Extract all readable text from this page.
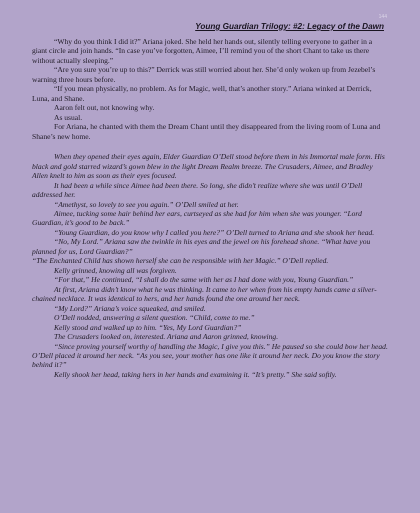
144
Young Guardian Trilogy: #2: Legacy of the Dawn

“Why do you think I did it?” Ariana joked. She held her hands out, silently telling everyone to gather in a giant circle and join hands. “In case you’ve forgotten, Aimee, I’ll remind you of the short Chant to take us there without actually sleeping.”

“Are you sure you’re up to this?” Derrick was still worried about her. She’d only woken up from Jezebel’s warning three hours before.

“If you mean physically, no problem. As for Magic, well, that’s another story.” Ariana winked at Derrick, Luna, and Shane.

Aaron felt out, not knowing why.

As usual.

For Ariana, he chanted with them the Dream Chant until they disappeared from the living room of Luna and Shane’s new home.

When they opened their eyes again, Elder Guardian O’Dell stood before them in his Immortal male form. His black and gold starred wizard’s gown blew in the light Dream Realm breeze. The Crusaders, Aimee, and Bradley Allen knelt to him as soon as their eyes focused.

It had been a while since Aimee had been there. So long, she didn’t realize where she was until O’Dell addressed her.

“Amethyst, so lovely to see you again.” O’Dell smiled at her.

Aimee, tucking some hair behind her ears, curtseyed as she had for him when she was younger. “Lord Guardian, it’s good to be back.”

“Young Guardian, do you know why I called you here?” O’Dell turned to Ariana and she shook her head.

“No, My Lord.” Ariana saw the twinkle in his eyes and the jewel on his forehead shone. “What have you planned for us, Lord Guardian?”

“The Enchanted Child has shown herself she can be responsible with her Magic.” O’Dell replied.

Kelly grinned, knowing all was forgiven.

“For that,” He continued, “I shall do the same with her as I had done with you, Young Guardian.”

At first, Ariana didn’t know what he was thinking. It came to her when from his empty hands came a silver-chained necklace. It was identical to hers, and her hands found the one around her neck.

“My Lord?” Ariana’s voice squeaked, and smiled.

O’Dell nodded, answering a silent question. “Child, come to me.”

Kelly stood and walked up to him. “Yes, My Lord Guardian?”

The Crusaders looked on, interested. Ariana and Aaron grinned, knowing.

“Since proving yourself worthy of handling the Magic, I give you this.” He paused so she could bow her head. O’Dell placed it around her neck. “As you see, your mother has one like it around her neck. Do you know the story behind it?”

Kelly shook her head, taking hers in her hands and examining it. “It’s pretty.” She said softly.
